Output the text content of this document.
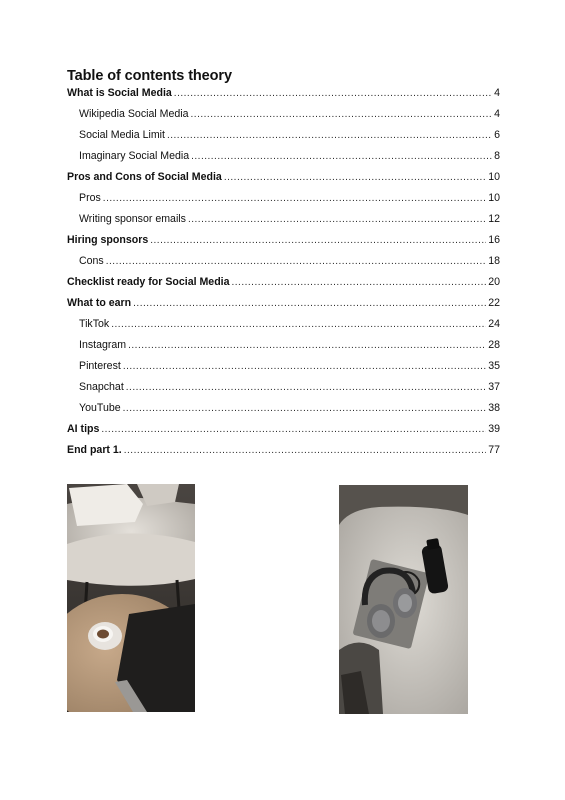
Table of contents theory
What is Social Media .....	4
Wikipedia Social Media .....	4
Social Media Limit .....	6
Imaginary Social Media .....	8
Pros and Cons of Social Media .....	10
Pros .....	10
Writing sponsor emails .....	12
Hiring sponsors .....	16
Cons .....	18
Checklist ready for Social Media .....	20
What to earn .....	22
TikTok .....	24
Instagram .....	28
Pinterest .....	35
Snapchat .....	37
YouTube .....	38
AI tips .....	39
End part 1. .....	77
